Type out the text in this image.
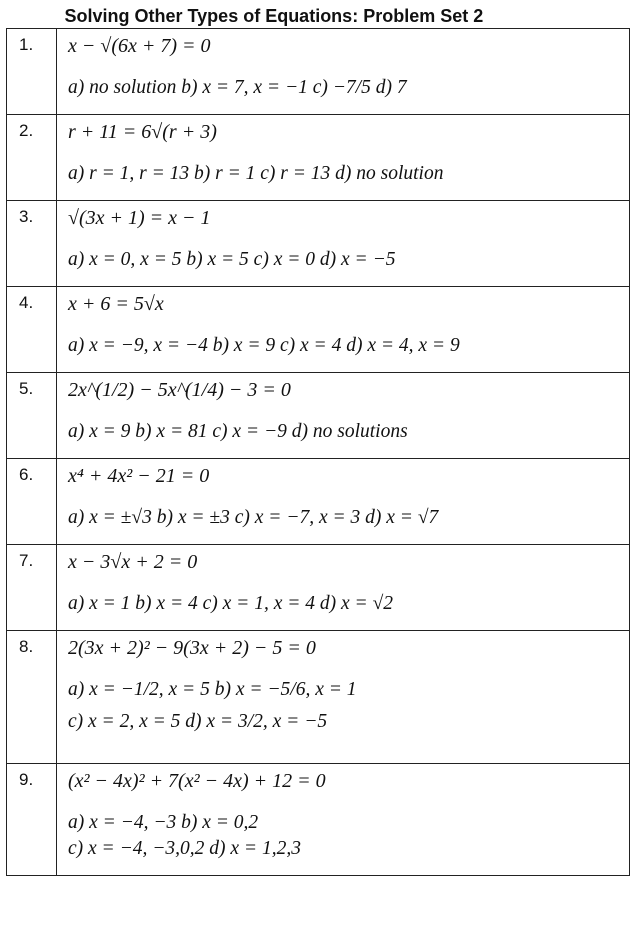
	Solving Other Types of Equations: Problem Set 2
1.	x − √(6x + 7) = 0
a) no solution b) x = 7, x = −1 c) −7/5 d) 7

2.	r + 11 = 6√(r + 3)
a) r = 1, r = 13 b) r = 1 c) r = 13 d) no solution

3.	√(3x + 1) = x − 1
a) x = 0, x = 5 b) x = 5 c) x = 0 d) x = −5

4.	x + 6 = 5√x
a) x = −9, x = −4 b) x = 9 c) x = 4 d) x = 4, x = 9

5.	2x^(1/2) − 5x^(1/4) − 3 = 0
a) x = 9 b) x = 81 c) x = −9 d) no solutions

6.	x⁴ + 4x² − 21 = 0
a) x = ±√3 b) x = ±3 c) x = −7, x = 3 d) x = √7

7.	x − 3√x + 2 = 0
a) x = 1 b) x = 4 c) x = 1, x = 4 d) x = √2

8.	2(3x + 2)² − 9(3x + 2) − 5 = 0
a) x = −1/2, x = 5 b) x = −5/6, x = 1
c) x = 2, x = 5 d) x = 3/2, x = −5

9.	(x² − 4x)² + 7(x² − 4x) + 12 = 0
a) x = −4, −3 b) x = 0,2
c) x = −4, −3,0,2 d) x = 1,2,3
